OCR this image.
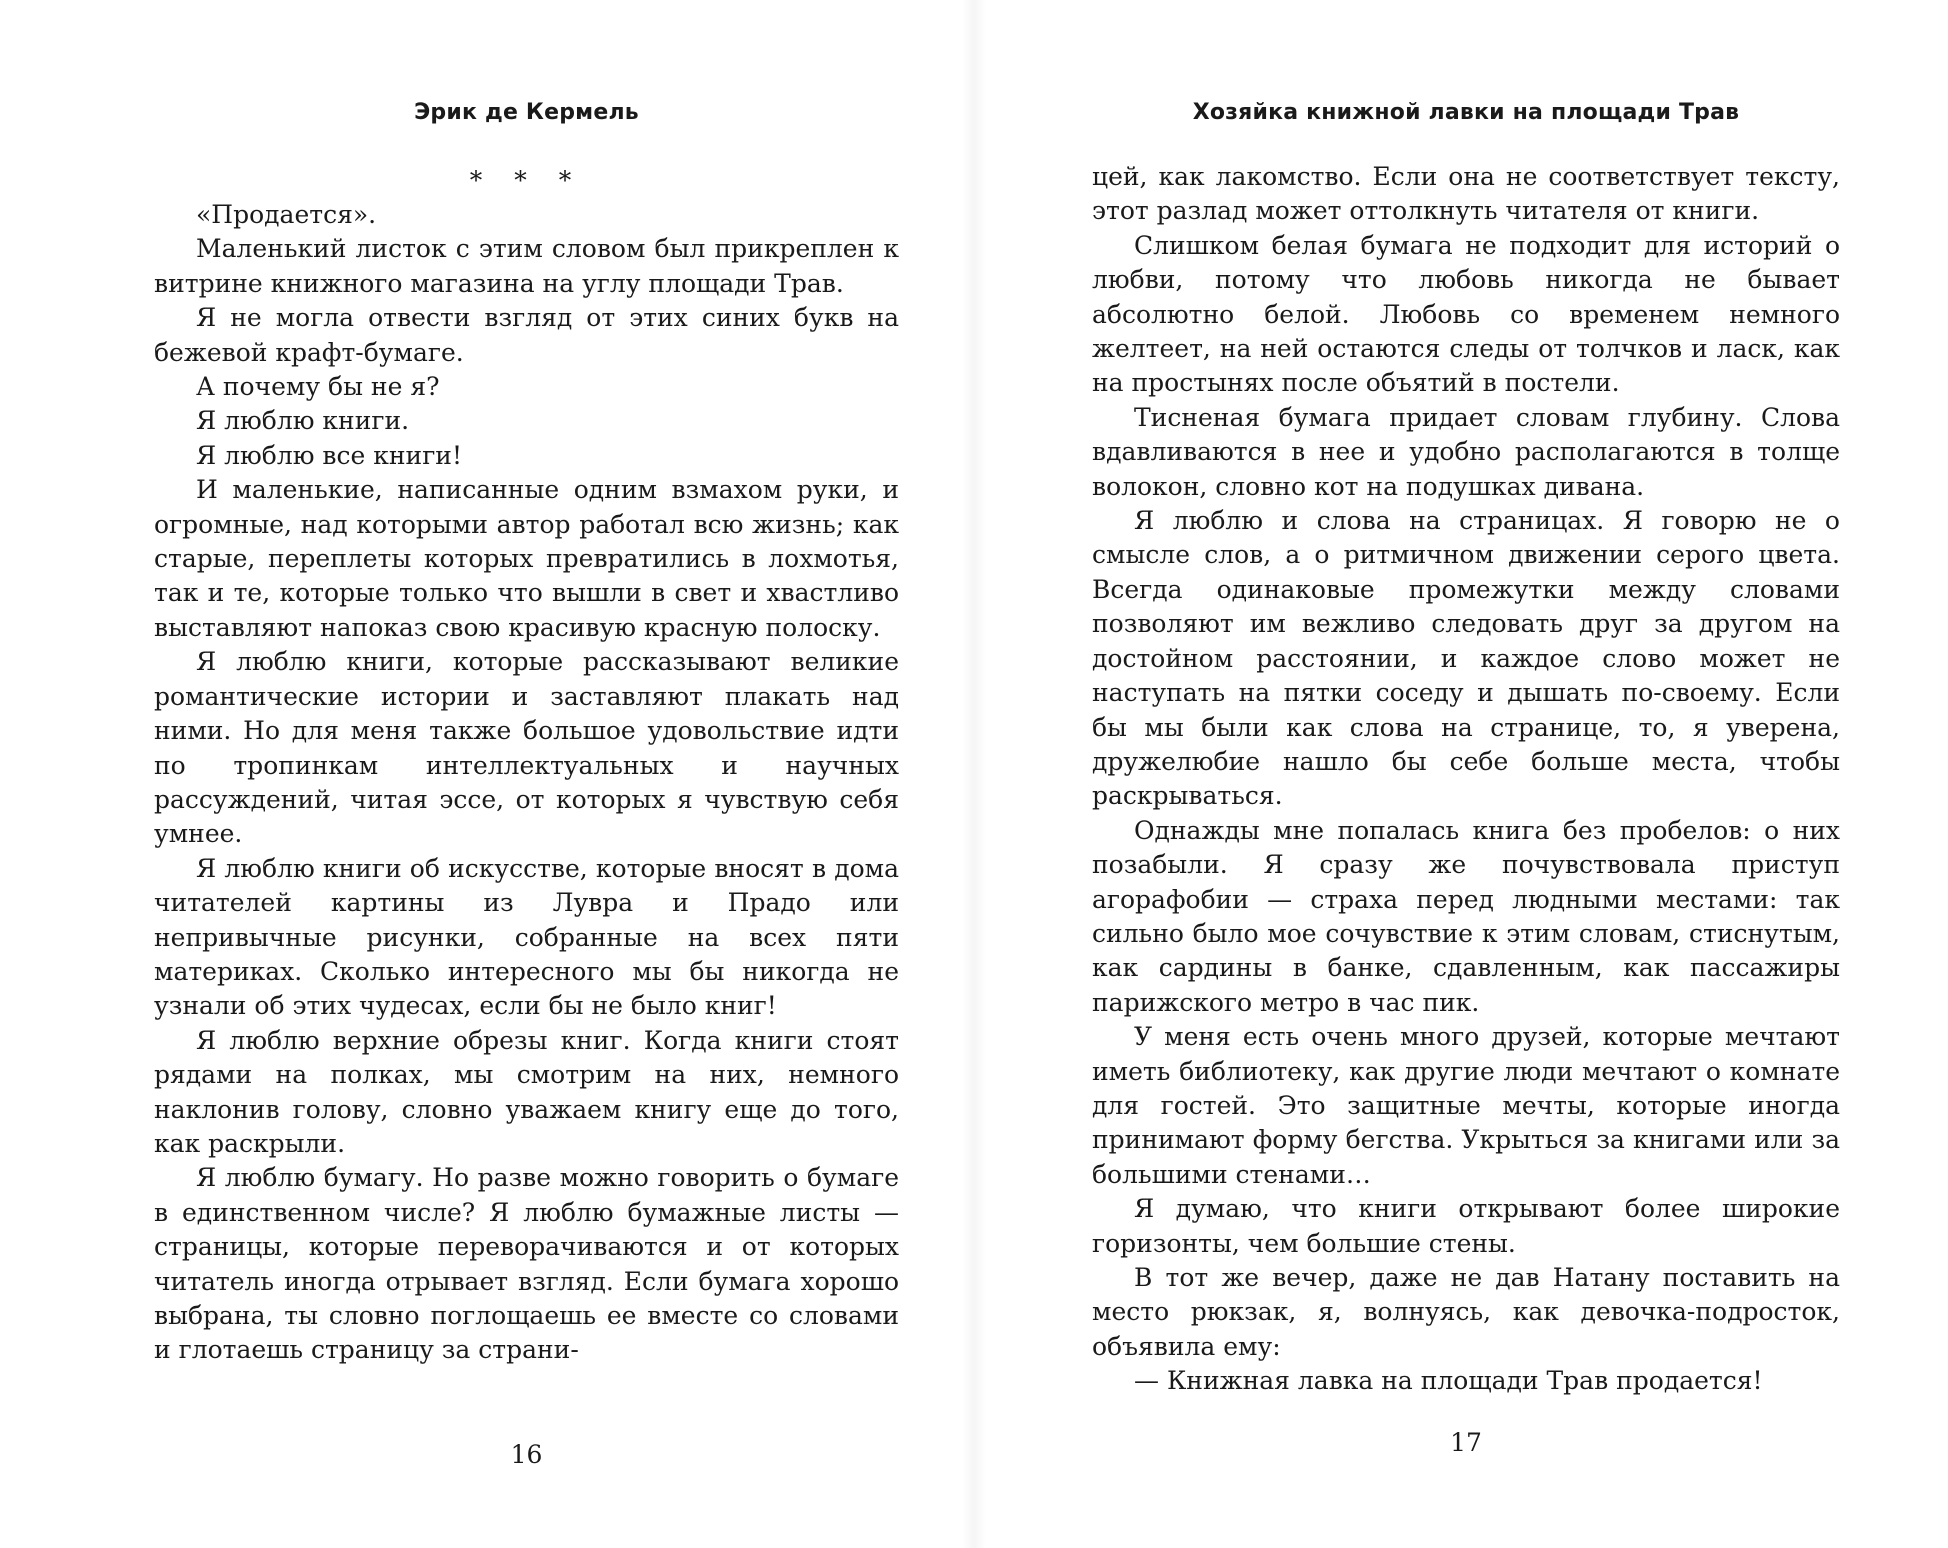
Эрик де Кермель
* * *

«Продается».

Маленький листок с этим словом был прикреплен к витрине книжного магазина на углу площади Трав.

Я не могла отвести взгляд от этих синих букв на бежевой крафт-бумаге.

А почему бы не я?

Я люблю книги.

Я люблю все книги!

И маленькие, написанные одним взмахом руки, и огромные, над которыми автор работал всю жизнь; как старые, переплеты которых превратились в лохмотья, так и те, которые только что вышли в свет и хвастливо выставляют напоказ свою красивую красную полоску.

Я люблю книги, которые рассказывают великие романтические истории и заставляют плакать над ними. Но для меня также большое удовольствие идти по тропинкам интеллектуальных и научных рассуждений, читая эссе, от которых я чувствую себя умнее.

Я люблю книги об искусстве, которые вносят в дома читателей картины из Лувра и Прадо или непривычные рисунки, собранные на всех пяти материках. Сколько интересного мы бы никогда не узнали об этих чудесах, если бы не было книг!

Я люблю верхние обрезы книг. Когда книги стоят рядами на полках, мы смотрим на них, немного наклонив голову, словно уважаем книгу еще до того, как раскрыли.

Я люблю бумагу. Но разве можно говорить о бумаге в единственном числе? Я люблю бумажные листы — страницы, которые переворачиваются и от которых читатель иногда отрывает взгляд. Если бумага хорошо выбрана, ты словно поглощаешь ее вместе со словами и глотаешь страницу за страни-

16
Хозяйка книжной лавки на площади Трав

цей, как лакомство. Если она не соответствует тексту, этот разлад может оттолкнуть читателя от книги.

Слишком белая бумага не подходит для историй о любви, потому что любовь никогда не бывает абсолютно белой. Любовь со временем немного желтеет, на ней остаются следы от толчков и ласк, как на простынях после объятий в постели.

Тисненая бумага придает словам глубину. Слова вдавливаются в нее и удобно располагаются в толще волокон, словно кот на подушках дивана.

Я люблю и слова на страницах. Я говорю не о смысле слов, а о ритмичном движении серого цвета. Всегда одинаковые промежутки между словами позволяют им вежливо следовать друг за другом на достойном расстоянии, и каждое слово может не наступать на пятки соседу и дышать по-своему. Если бы мы были как слова на странице, то, я уверена, дружелюбие нашло бы себе больше места, чтобы раскрываться.

Однажды мне попалась книга без пробелов: о них позабыли. Я сразу же почувствовала приступ агорафобии — страха перед людными местами: так сильно было мое сочувствие к этим словам, стиснутым, как сардины в банке, сдавленным, как пассажиры парижского метро в час пик.

У меня есть очень много друзей, которые мечтают иметь библиотеку, как другие люди мечтают о комнате для гостей. Это защитные мечты, которые иногда принимают форму бегства. Укрыться за книгами или за большими стенами…

Я думаю, что книги открывают более широкие горизонты, чем большие стены.

В тот же вечер, даже не дав Натану поставить на место рюкзак, я, волнуясь, как девочка-подросток, объявила ему:

— Книжная лавка на площади Трав продается!

17
